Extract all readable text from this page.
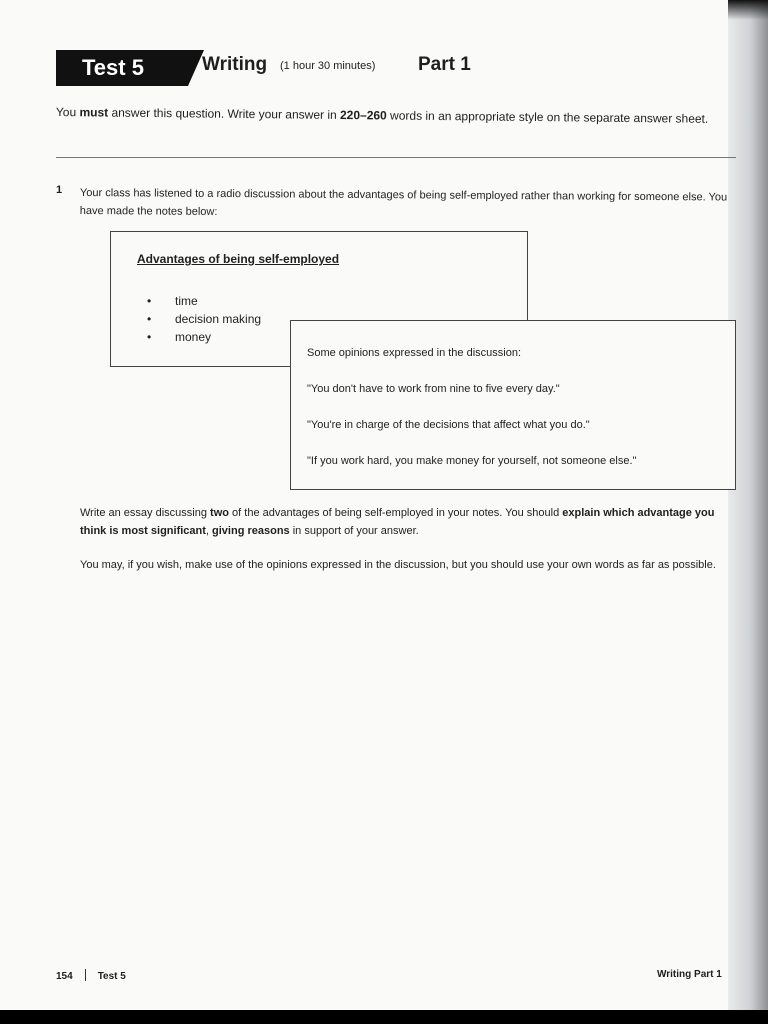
Test 5	Writing (1 hour 30 minutes) Part 1
You must answer this question. Write your answer in 220–260 words in an appropriate style on the separate answer sheet.
1 Your class has listened to a radio discussion about the advantages of being self-employed rather than working for someone else. You have made the notes below:
Advantages of being self-employed
• time
• decision making
• money
Some opinions expressed in the discussion:
"You don't have to work from nine to five every day."
"You're in charge of the decisions that affect what you do."
"If you work hard, you make money for yourself, not someone else."
Write an essay discussing two of the advantages of being self-employed in your notes. You should explain which advantage you think is most significant, giving reasons in support of your answer.
You may, if you wish, make use of the opinions expressed in the discussion, but you should use your own words as far as possible.
154	Test 5	Writing Part 1
